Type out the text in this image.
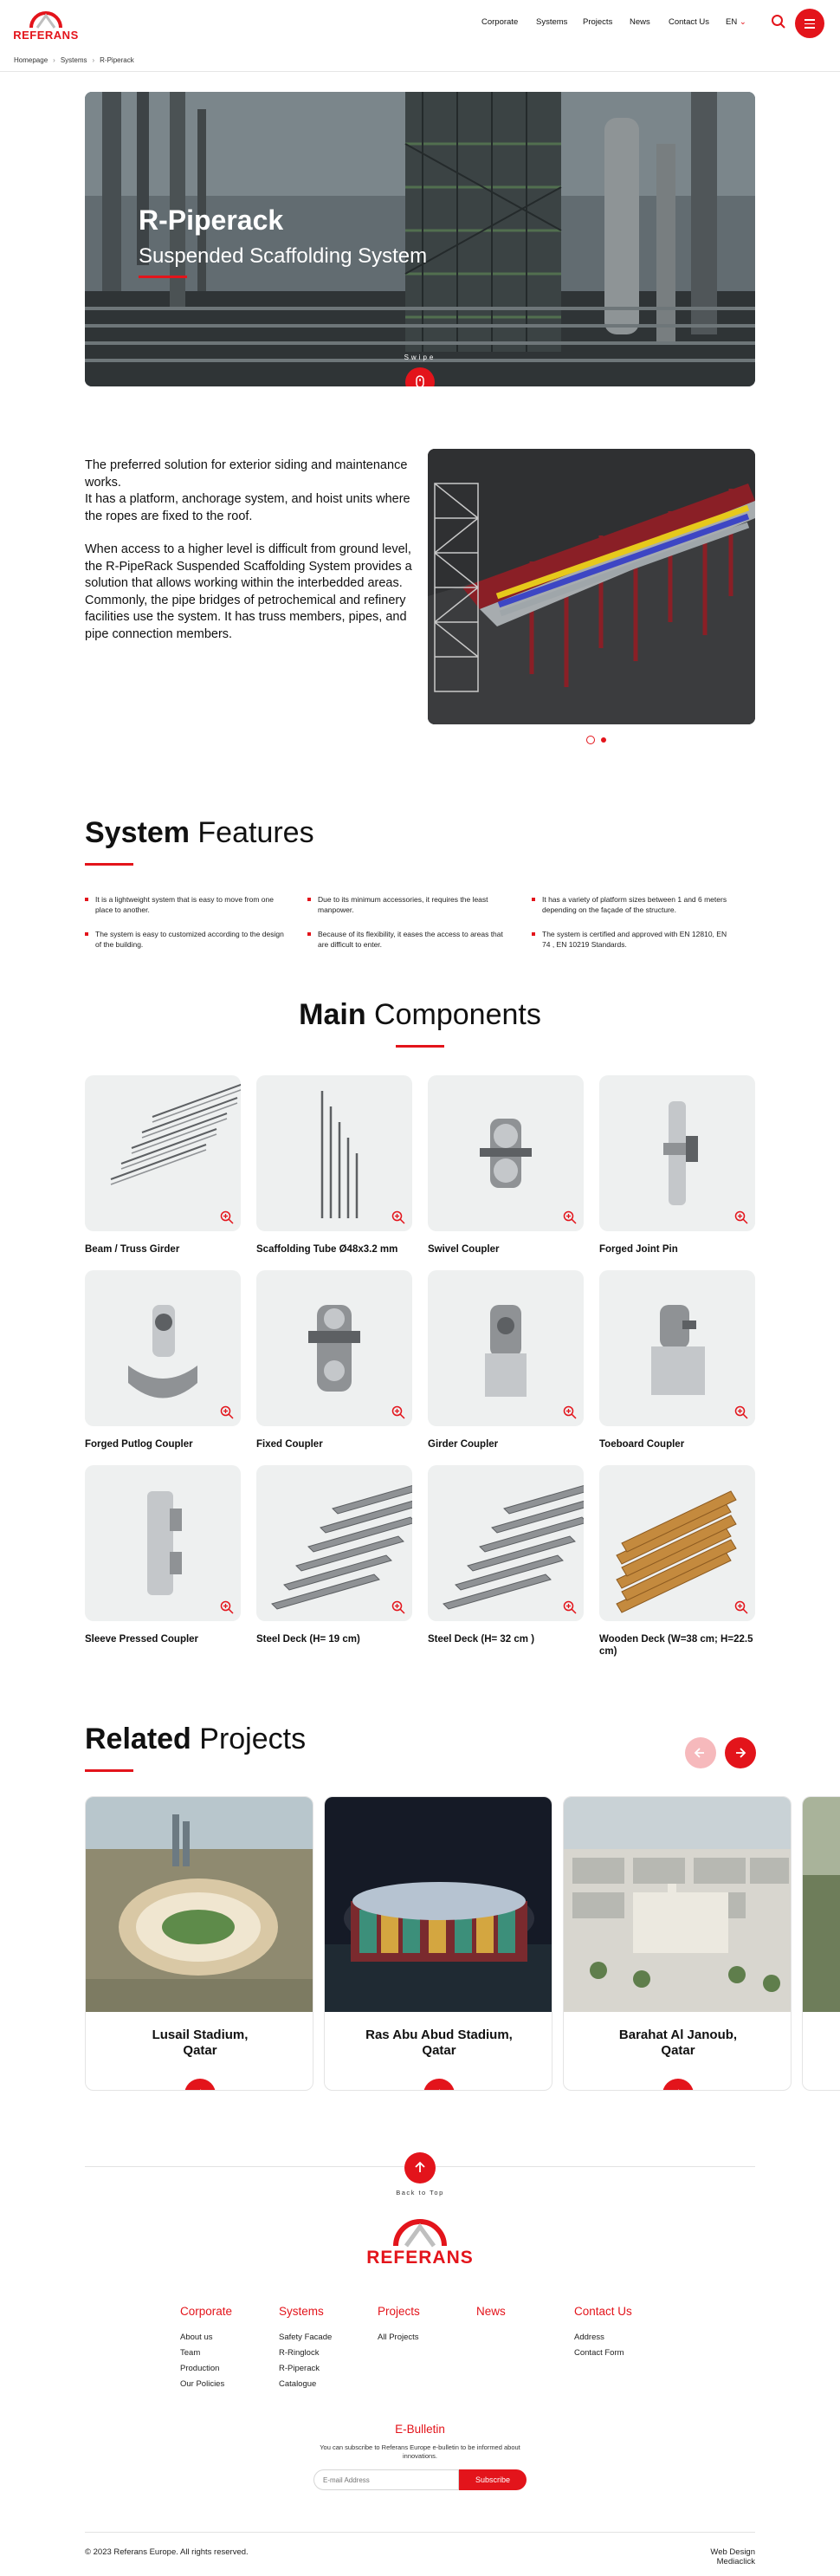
REFERANS
Corporate Systems Projects News Contact Us EN ⌄
Homepage › Systems › R-Piperack
R-Piperack
Suspended Scaffolding System
Swipe

The preferred solution for exterior siding and maintenance works.
It has a platform, anchorage system, and hoist units where the ropes are fixed to the roof.

When access to a higher level is difficult from ground level, the R-PipeRack Suspended Scaffolding System provides a solution that allows working within the interbedded areas. Commonly, the pipe bridges of petrochemical and refinery facilities use the system. It has truss members, pipes, and pipe connection members.

System Features
It is a lightweight system that is easy to move from one place to another.
Due to its minimum accessories, it requires the least manpower.
It has a variety of platform sizes between 1 and 6 meters depending on the façade of the structure.
The system is easy to customized according to the design of the building.
Because of its flexibility, it eases the access to areas that are difficult to enter.
The system is certified and approved with EN 12810, EN 74 , EN 10219 Standards.
Main Components
Beam / Truss Girder	Scaffolding Tube Ø48x3.2 mm	Swivel Coupler	Forged Joint Pin
Forged Putlog Coupler	Fixed Coupler	Girder Coupler	Toeboard Coupler
Sleeve Pressed Coupler	Steel Deck (H= 19 cm)	Steel Deck (H= 32 cm )	Wooden Deck (W=38 cm; H=22.5 cm)
Related Projects
Lusail Stadium,
Qatar
Ras Abu Abud Stadium,
Qatar
Barahat Al Janoub,
Qatar
Back to Top
REFERANS
Corporate
About us
Team
Production
Our Policies
Systems
Safety Facade
R-Ringlock
R-Piperack
Catalogue
Projects
All Projects
News	Contact Us
Address
Contact Form
E-Bulletin
You can subscribe to Referans Europe e-bulletin to be informed about innovations.
E-mail Address
Subscribe
© 2023 Referans Europe. All rights reserved.	Web Design Mediaclick
